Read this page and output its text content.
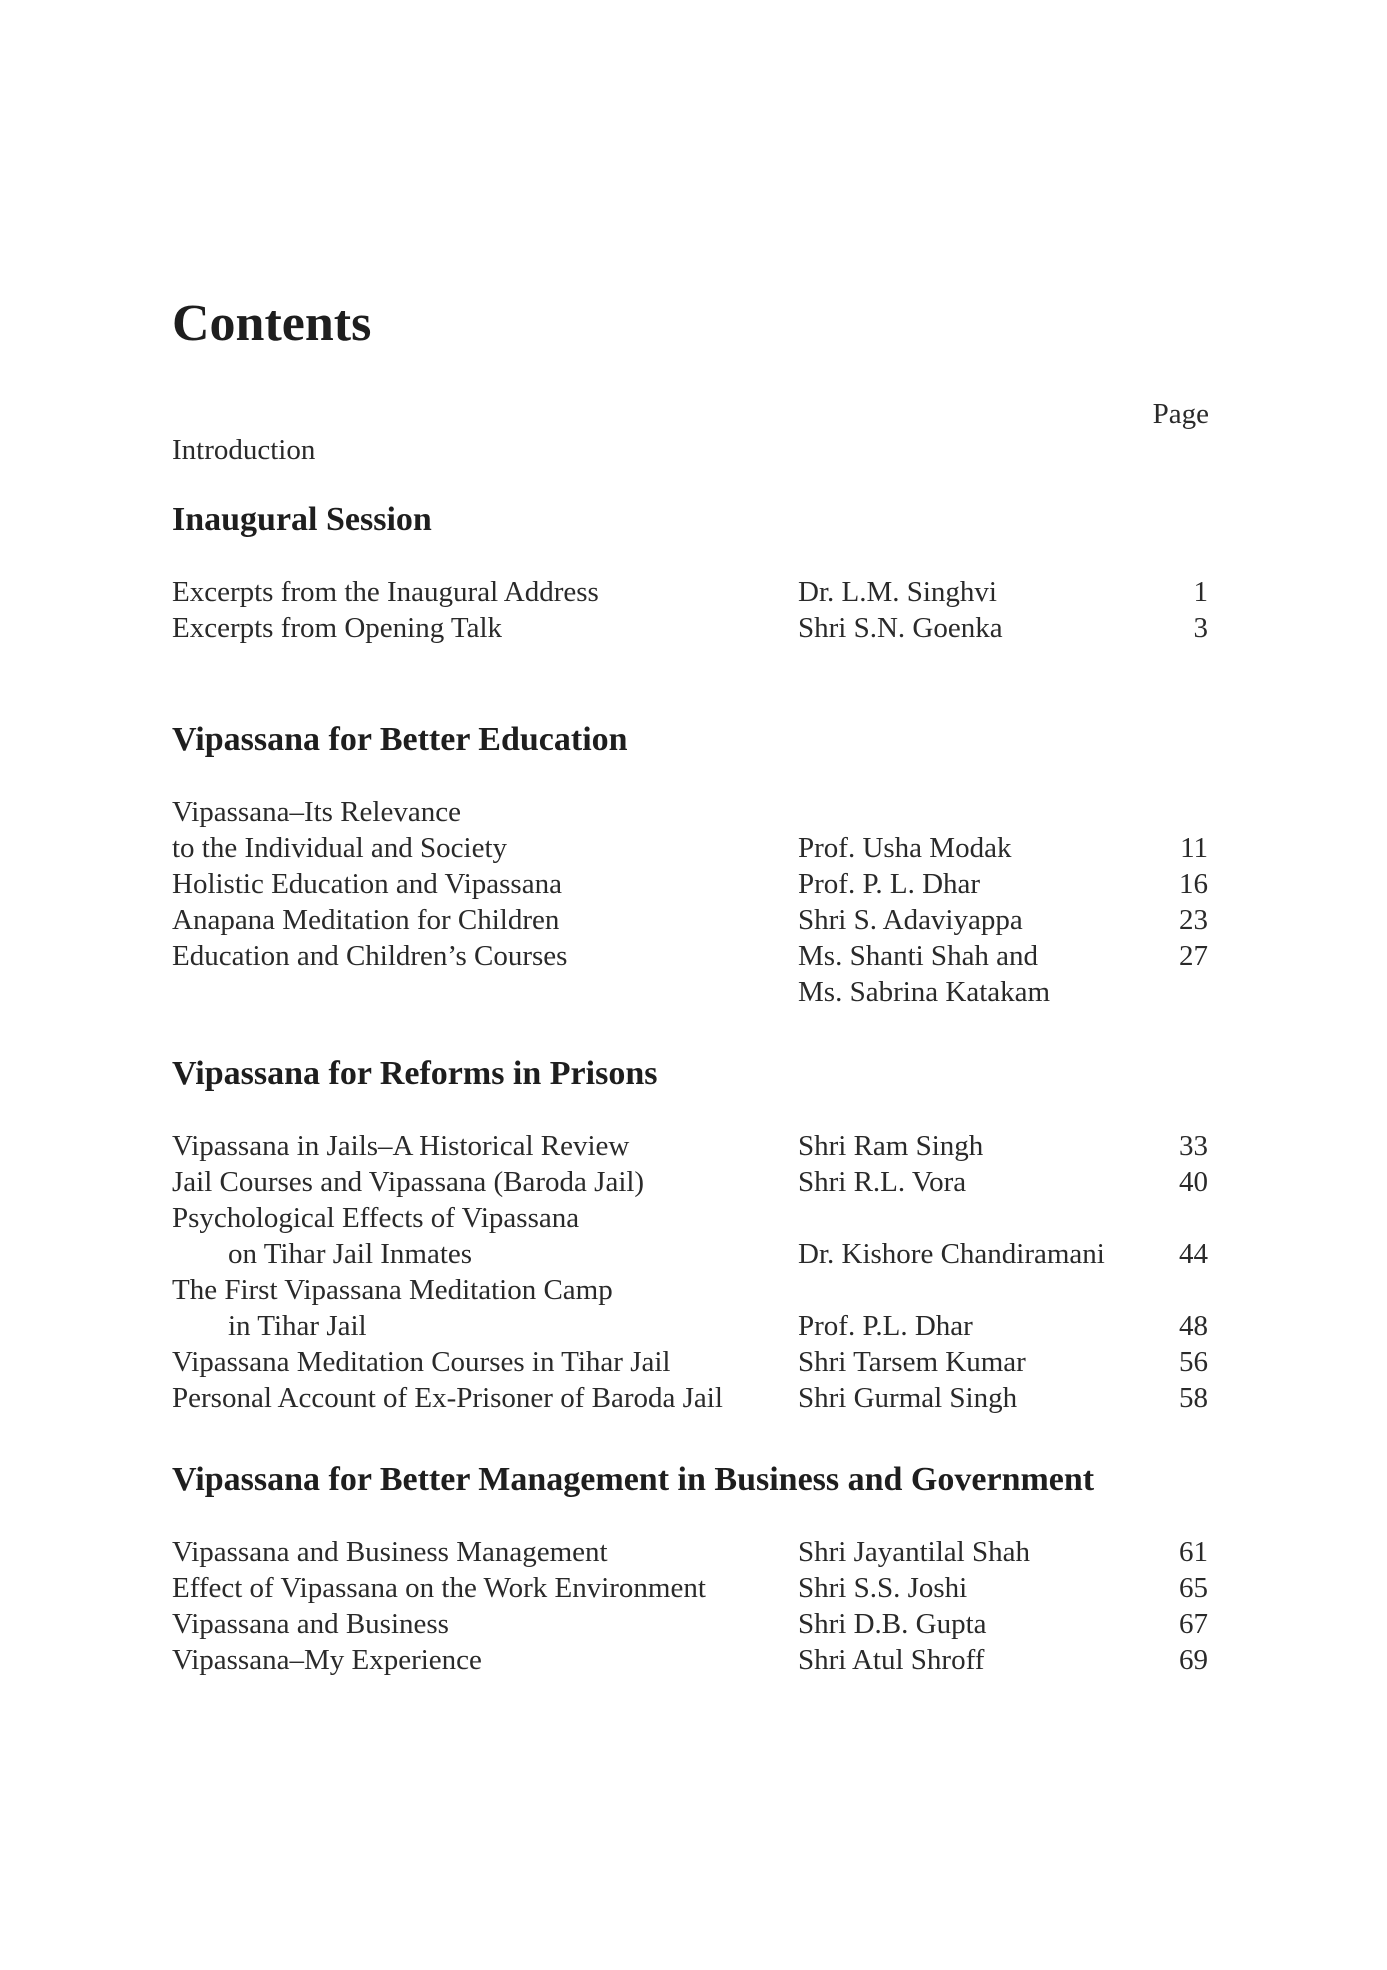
Contents
Page
Introduction
Inaugural Session
Excerpts from the Inaugural Address	Dr. L.M. Singhvi	1
Excerpts from Opening Talk	Shri S.N. Goenka	3
Vipassana for Better Education
Vipassana–Its Relevance
to the Individual and Society	Prof. Usha Modak	11
Holistic Education and Vipassana	Prof. P. L. Dhar	16
Anapana Meditation for Children	Shri S. Adaviyappa	23
Education and Children’s Courses	Ms. Shanti Shah and	27
Ms. Sabrina Katakam
Vipassana for Reforms in Prisons
Vipassana in Jails–A Historical Review	Shri Ram Singh	33
Jail Courses and Vipassana (Baroda Jail)	Shri R.L. Vora	40
Psychological Effects of Vipassana
on Tihar Jail Inmates	Dr. Kishore Chandiramani	44
The First Vipassana Meditation Camp
in Tihar Jail	Prof. P.L. Dhar	48
Vipassana Meditation Courses in Tihar Jail	Shri Tarsem Kumar	56
Personal Account of Ex-Prisoner of Baroda Jail	Shri Gurmal Singh	58
Vipassana for Better Management in Business and Government
Vipassana and Business Management	Shri Jayantilal Shah	61
Effect of Vipassana on the Work Environment	Shri S.S. Joshi	65
Vipassana and Business	Shri D.B. Gupta	67
Vipassana–My Experience	Shri Atul Shroff	69
